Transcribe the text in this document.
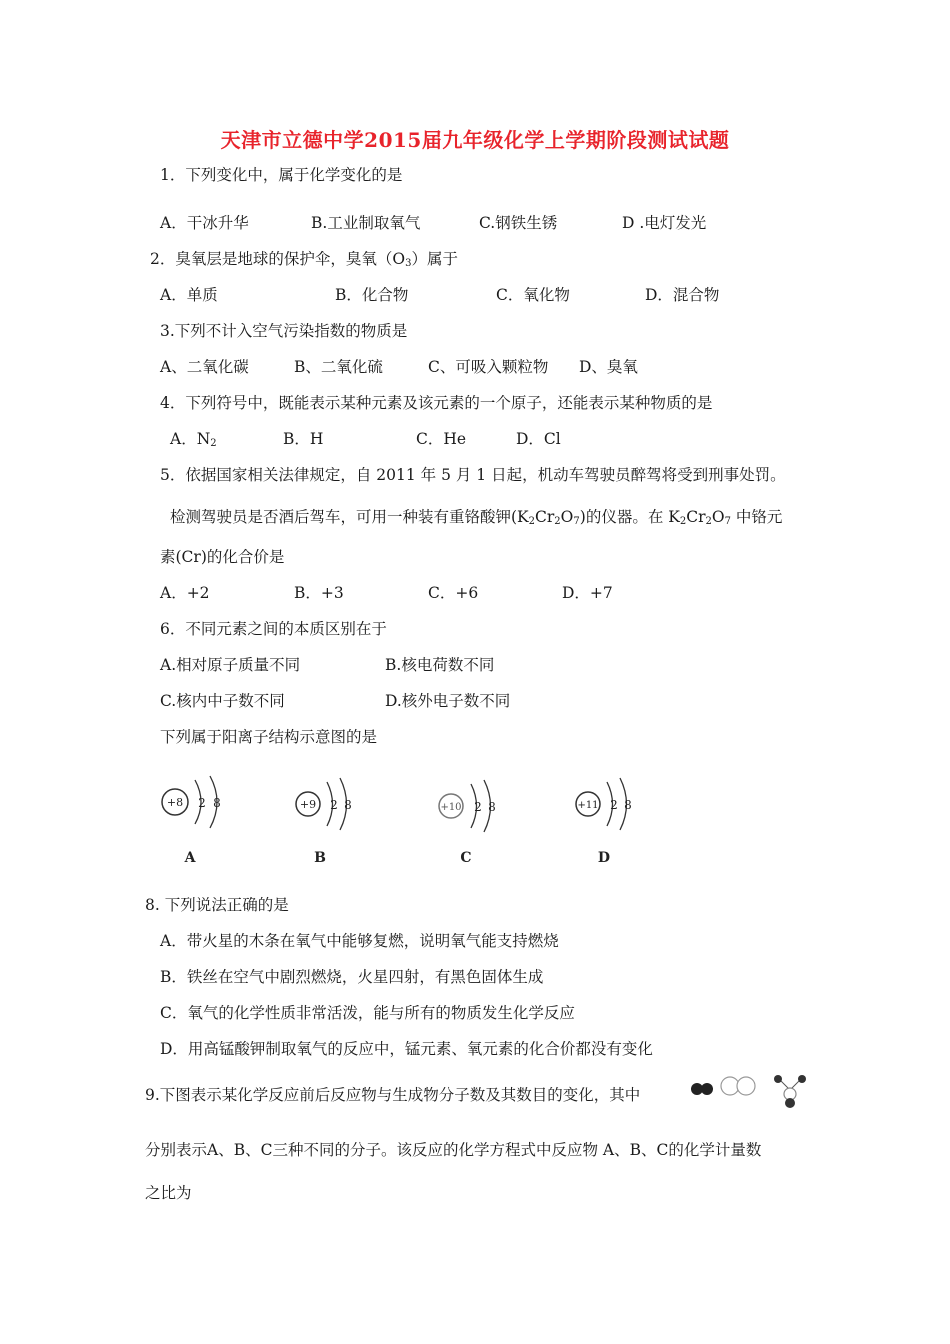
天津市立德中学2015届九年级化学上学期阶段测试试题
1．下列变化中，属于化学变化的是
A．干冰升华	B.工业制取氧气	C.钢铁生锈	D .电灯发光
2．臭氧层是地球的保护伞，臭氧$(O_3)$属于
A．单质	B．化合物	C．氧化物	D．混合物
3.下列不计入空气污染指数的物质是
A、二氧化碳	B、二氧化硫	C、可吸入颗粒物 D、臭氧
4．下列符号中，既能表示某种元素及该元素的一个原子，还能表示某种物质的是
A．$N_2$	B．H	C．He	D．Cl
5．依据国家相关法律规定，自 2011 年 5 月 1 日起，机动车驾驶员醉驾将受到刑事处罚。
检测驾驶员是否酒后驾车，可用一种装有重铬酸钾$(K_2Cr_2O_7)$的仪器。在 $K_2Cr_2O_7$ 中铬元
素(Cr)的化合价是
A．+2	B．+3	C．+6	D．+7
6．不同元素之间的本质区别在于
A.相对原子质量不同	B.核电荷数不同
C.核内中子数不同	D.核外电子数不同
下列属于阳离子结构示意图的是
+8 2 8
A
+9 2 8
B
+10 2 8
C
+11 2 8
D
8. 下列说法正确的是
A．带火星的木条在氧气中能够复燃，说明氧气能支持燃烧
B．铁丝在空气中剧烈燃烧，火星四射，有黑色固体生成
C．氧气的化学性质非常活泼，能与所有的物质发生化学反应
D．用高锰酸钾制取氧气的反应中，锰元素、氧元素的化合价都没有变化
9.下图表示某化学反应前后反应物与生成物分子数及其数目的变化，其中
分别表示A、B、C三种不同的分子。该反应的化学方程式中反应物 A、B、C的化学计量数
之比为
